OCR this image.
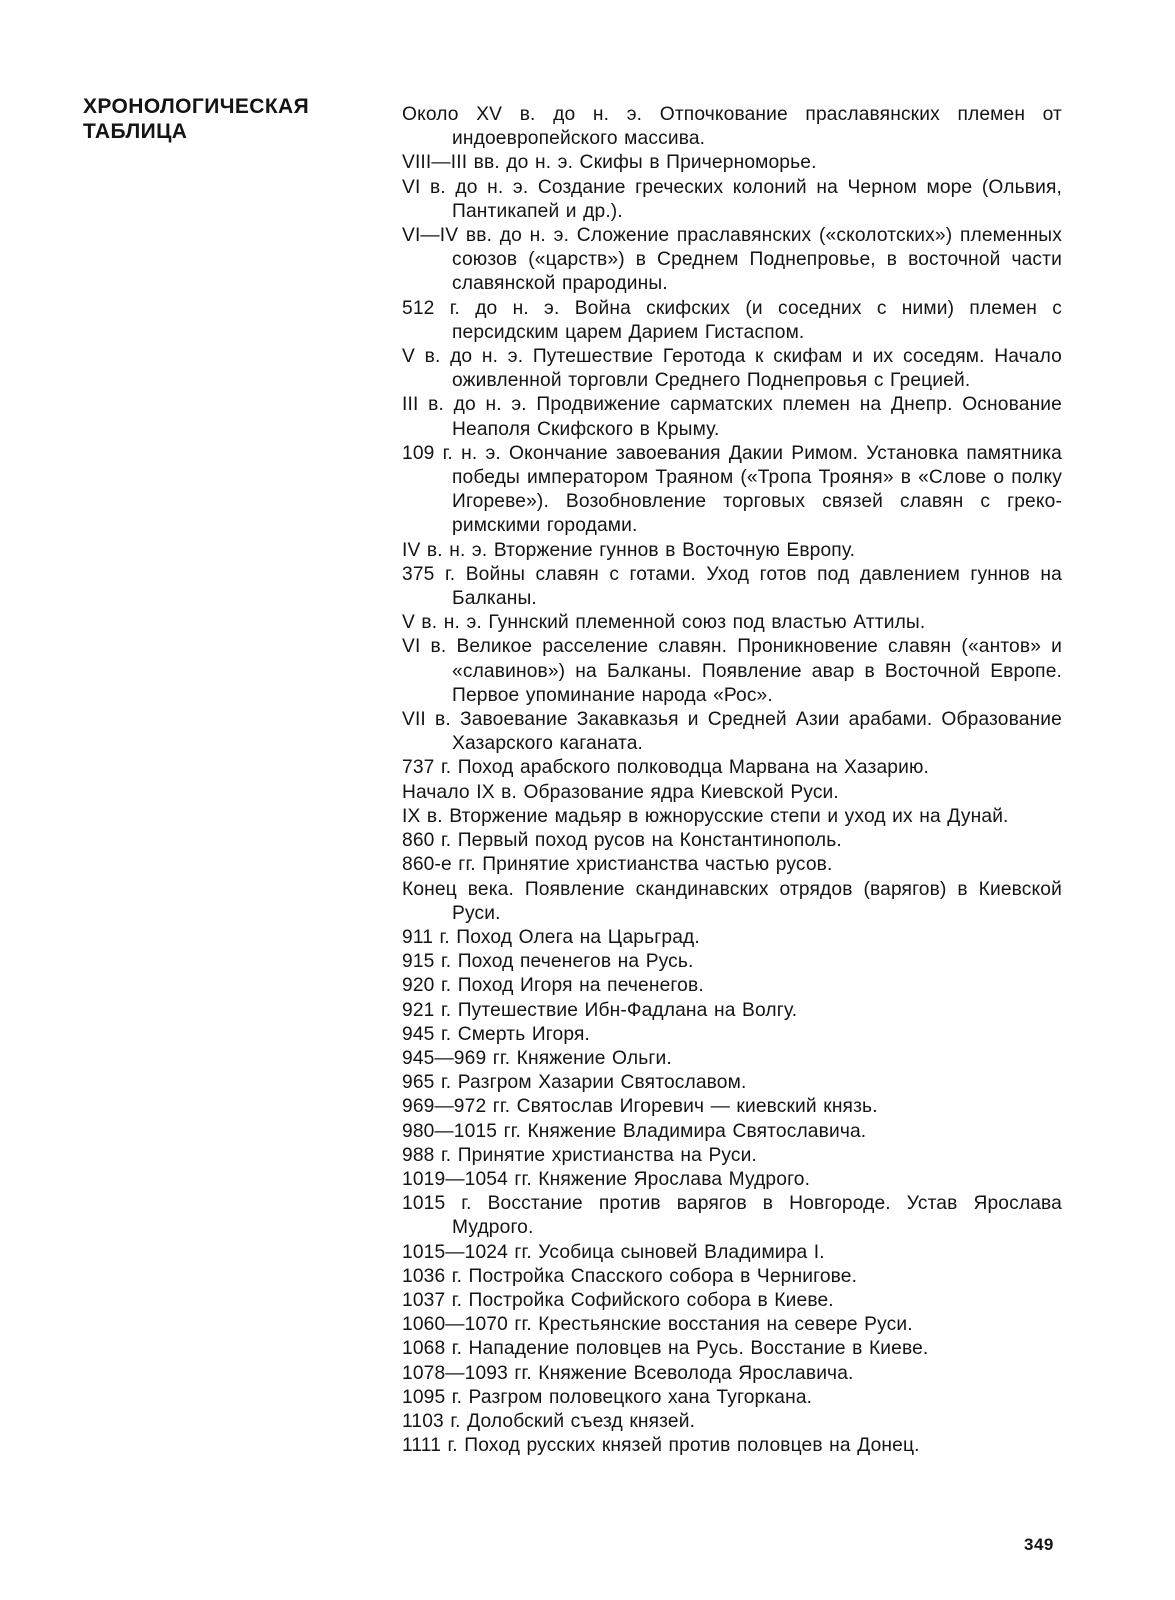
ХРОНОЛОГИЧЕСКАЯ
ТАБЛИЦА
Около XV в. до н. э. Отпочкование праславянских племен от индоевропейского массива.
VIII—III вв. до н. э. Скифы в Причерноморье.
VI в. до н. э. Создание греческих колоний на Черном море (Ольвия, Пантикапей и др.).
VI—IV вв. до н. э. Сложение праславянских («сколотских») племенных союзов («царств») в Среднем Поднепровье, в восточной части славянской прародины.
512 г. до н. э. Война скифских (и соседних с ними) племен с персидским царем Дарием Гистаспом.
V в. до н. э. Путешествие Геротода к скифам и их соседям. Начало оживленной торговли Среднего Поднепровья с Грецией.
III в. до н. э. Продвижение сарматских племен на Днепр. Основание Неаполя Скифского в Крыму.
109 г. н. э. Окончание завоевания Дакии Римом. Установка памятника победы императором Траяном («Тропа Трояня» в «Слове о полку Игореве»). Возобновление торговых связей славян с греко-римскими городами.
IV в. н. э. Вторжение гуннов в Восточную Европу.
375 г. Войны славян с готами. Уход готов под давлением гуннов на Балканы.
V в. н. э. Гуннский племенной союз под властью Аттилы.
VI в. Великое расселение славян. Проникновение славян («антов» и «славинов») на Балканы. Появление авар в Восточной Европе. Первое упоминание народа «Рос».
VII в. Завоевание Закавказья и Средней Азии арабами. Образование Хазарского каганата.
737 г. Поход арабского полководца Марвана на Хазарию.
Начало IX в. Образование ядра Киевской Руси.
IX в. Вторжение мадьяр в южнорусские степи и уход их на Дунай.
860 г. Первый поход русов на Константинополь.
860-е гг. Принятие христианства частью русов.
Конец века. Появление скандинавских отрядов (варягов) в Киевской Руси.
911 г. Поход Олега на Царьград.
915 г. Поход печенегов на Русь.
920 г. Поход Игоря на печенегов.
921 г. Путешествие Ибн-Фадлана на Волгу.
945 г. Смерть Игоря.
945—969 гг. Княжение Ольги.
965 г. Разгром Хазарии Святославом.
969—972 гг. Святослав Игоревич — киевский князь.
980—1015 гг. Княжение Владимира Святославича.
988 г. Принятие христианства на Руси.
1019—1054 гг. Княжение Ярослава Мудрого.
1015 г. Восстание против варягов в Новгороде. Устав Ярослава Мудрого.
1015—1024 гг. Усобица сыновей Владимира I.
1036 г. Постройка Спасского собора в Чернигове.
1037 г. Постройка Софийского собора в Киеве.
1060—1070 гг. Крестьянские восстания на севере Руси.
1068 г. Нападение половцев на Русь. Восстание в Киеве.
1078—1093 гг. Княжение Всеволода Ярославича.
1095 г. Разгром половецкого хана Тугоркана.
1103 г. Долобский съезд князей.
1111 г. Поход русских князей против половцев на Донец.
349
